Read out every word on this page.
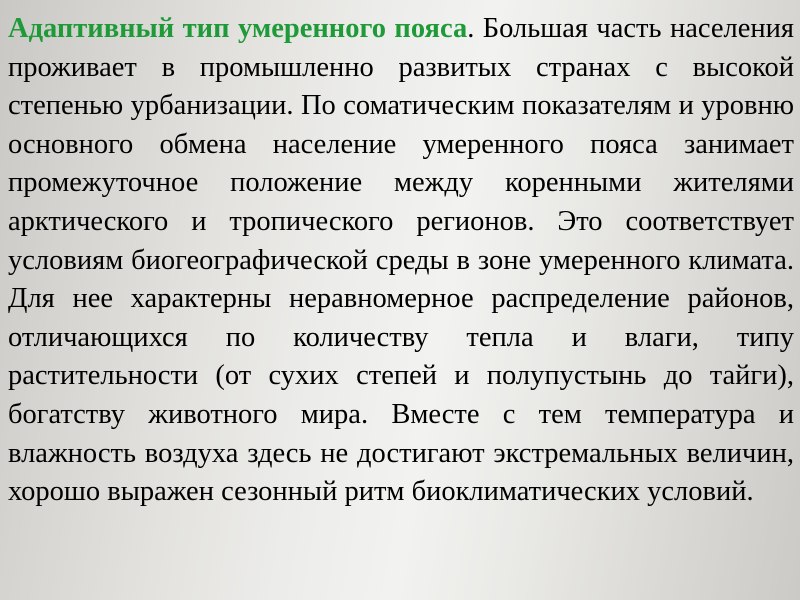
Адаптивный тип умеренного пояса. Большая часть населения проживает в промышленно развитых странах с высокой степенью урбанизации. По соматическим показателям и уровню основного обмена население умеренного пояса занимает промежуточное положение между коренными жителями арктического и тропического регионов. Это соответствует условиям биогеографической среды в зоне умеренного климата. Для нее характерны неравномерное распределение районов, отличающихся по количеству тепла и влаги, типу растительности (от сухих степей и полупустынь до тайги), богатству животного мира. Вместе с тем температура и влажность воздуха здесь не достигают экстремальных величин, хорошо выражен сезонный ритм биоклиматических условий.
